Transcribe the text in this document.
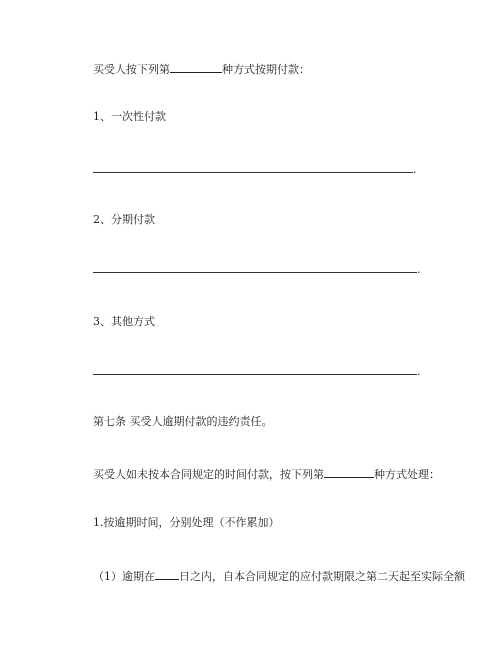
买受人按下列第	种方式按期付款：
1、一次性付款
.
2、分期付款
.
3、其他方式
.
第七条 买受人逾期付款的违约责任。
买受人如未按本合同规定的时间付款，按下列第	种方式处理：
1.按逾期时间，分别处理（不作累加）
（1）逾期在 日之内，自本合同规定的应付款期限之第二天起至实际全额
